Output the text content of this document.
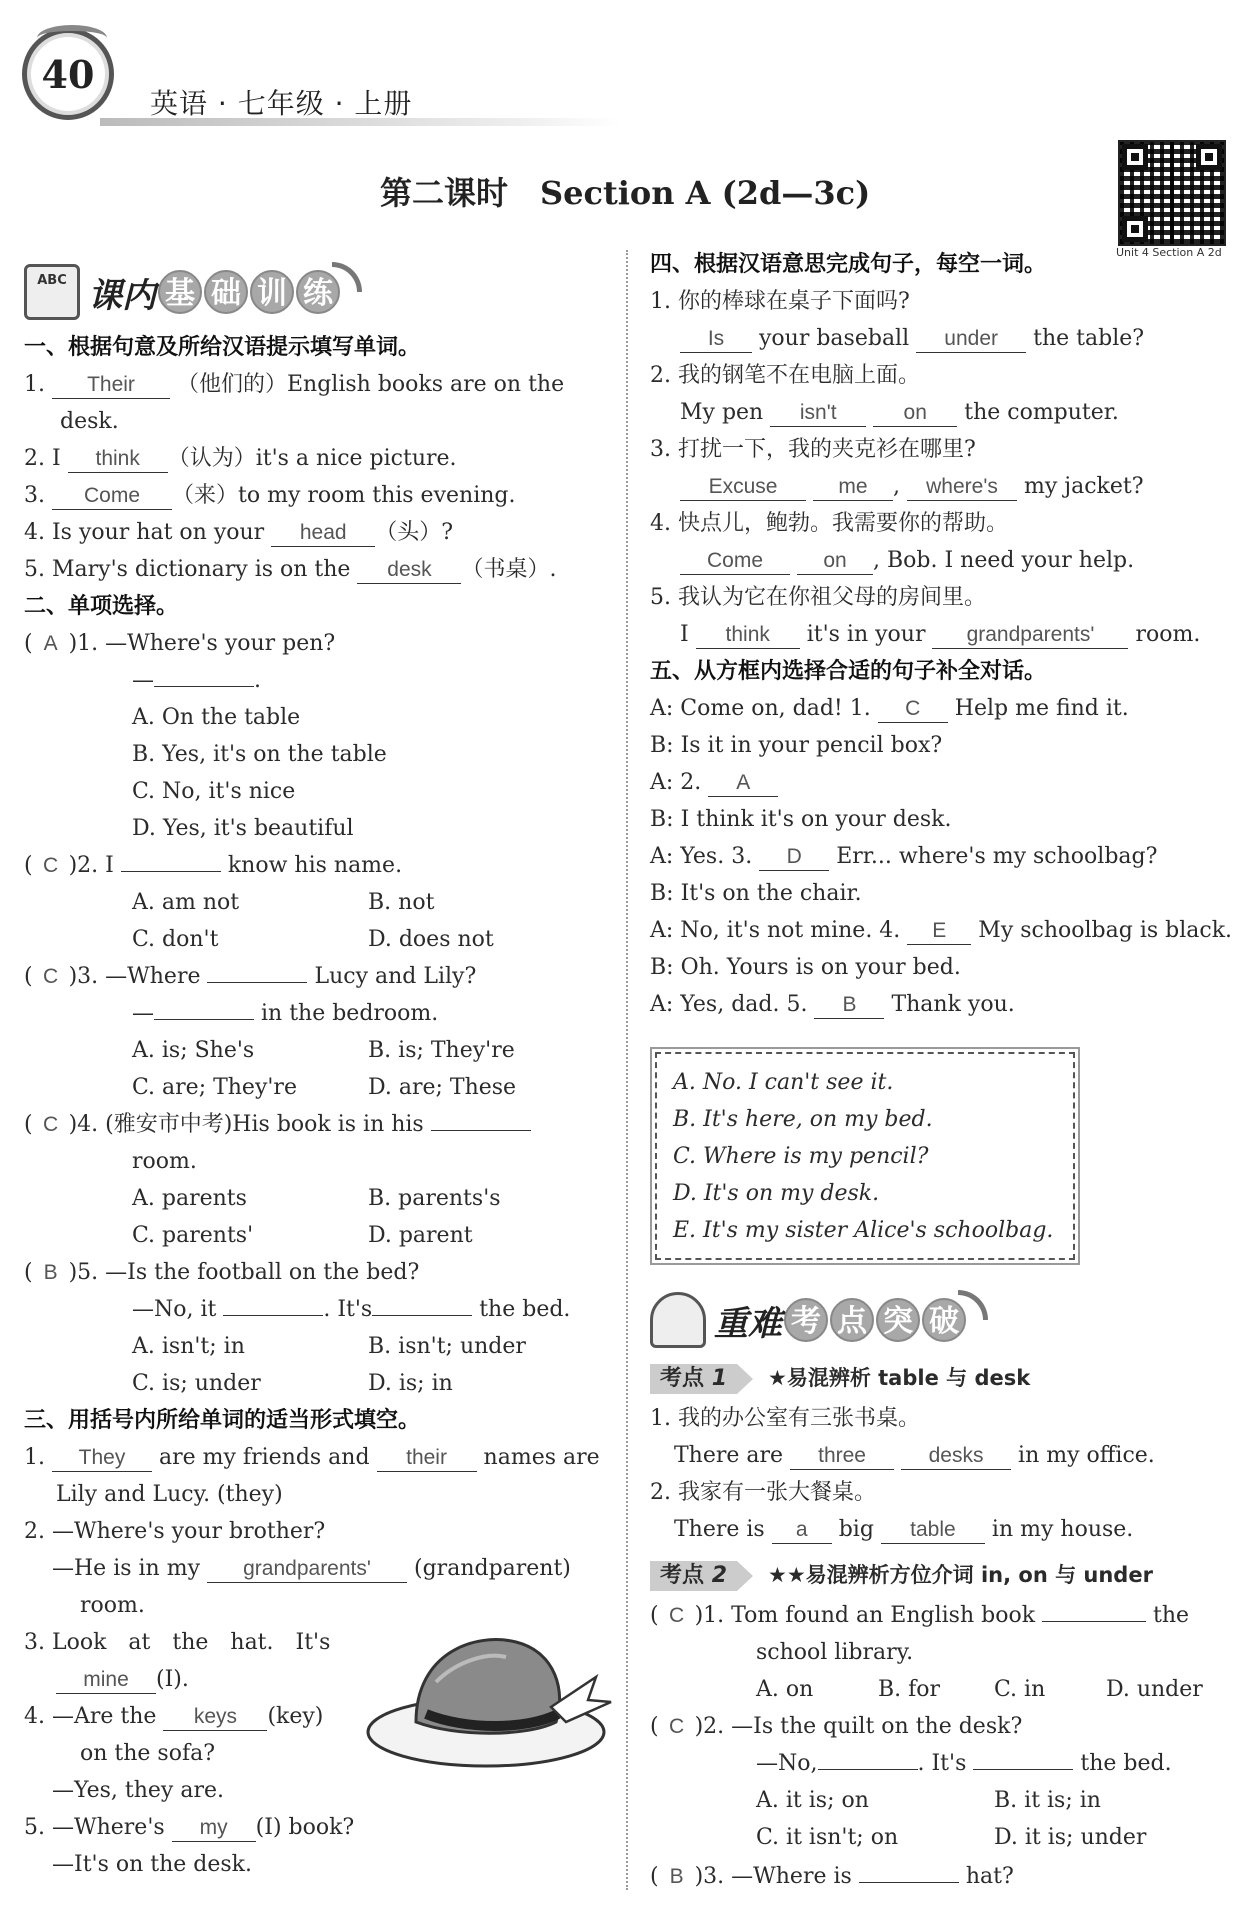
40
英语 · 七年级 · 上册
第二课时　Section A (2d—3c)
Unit 4 Section A 2d
ABC 课内 基 础 训 练
一、根据句意及所给汉语提示填写单词。
1. Their （他们的）English books are on the
desk.
2. I think （认为）it's a nice picture.
3. Come （来）to my room this evening.
4. Is your hat on your head （头）?
5. Mary's dictionary is on the desk （书桌）.
二、单项选择。
( A )1. —Where's your pen?
—	.
A. On the table
B. Yes, it's on the table
C. No, it's nice
D. Yes, it's beautiful
( C )2. I	know his name.
A. am not	B. not
C. don't	D. does not
( C )3. —Where	Lucy and Lily?
—	in the bedroom.
A. is; She's	B. is; They're
C. are; They're	D. are; These
( C )4. (雅安市中考)His book is in his
room.
A. parents	B. parents's
C. parents'	D. parent
( B )5. —Is the football on the bed?
—No, it	. It's	the bed.
A. isn't; in	B. isn't; under
C. is; under	D. is; in
三、用括号内所给单词的适当形式填空。
1. They are my friends and their names are
Lily and Lucy. (they)
2. —Where's your brother?
—He is in my grandparents' (grandparent)
room.
3. Look　at　the　hat.　It's
mine (I).
4. —Are the keys (key)
on the sofa?
—Yes, they are.
5. —Where's my (I) book?
—It's on the desk.
四、根据汉语意思完成句子，每空一词。
1. 你的棒球在桌子下面吗?
Is your baseball under the table?
2. 我的钢笔不在电脑上面。
My pen isn't	on the computer.
3. 打扰一下，我的夹克衫在哪里?
Excuse	me , where's my jacket?
4. 快点儿，鲍勃。我需要你的帮助。
Come	on , Bob. I need your help.
5. 我认为它在你祖父母的房间里。
I think it's in your grandparents' room.
五、从方框内选择合适的句子补全对话。
A: Come on, dad! 1. C Help me find it.
B: Is it in your pencil box?
A: 2. A
B: I think it's on your desk.
A: Yes. 3. D Err... where's my schoolbag?
B: It's on the chair.
A: No, it's not mine. 4. E My schoolbag is black.
B: Oh. Yours is on your bed.
A: Yes, dad. 5. B Thank you.
A. No. I can't see it.
B. It's here, on my bed.
C. Where is my pencil?
D. It's on my desk.
E. It's my sister Alice's schoolbag.
重难 考 点 突 破
考点 1 ★易混辨析 table 与 desk
1. 我的办公室有三张书桌。
There are three	desks in my office.
2. 我家有一张大餐桌。
There is a big table in my house.
考点 2 ★★易混辨析方位介词 in, on 与 under
( C )1. Tom found an English book	the
school library.
A. on	B. for C. in	D. under
( C )2. —Is the quilt on the desk?
—No,	. It's	the bed.
A. it is; on	B. it is; in
C. it isn't; on	D. it is; under
( B )3. —Where is	hat?
